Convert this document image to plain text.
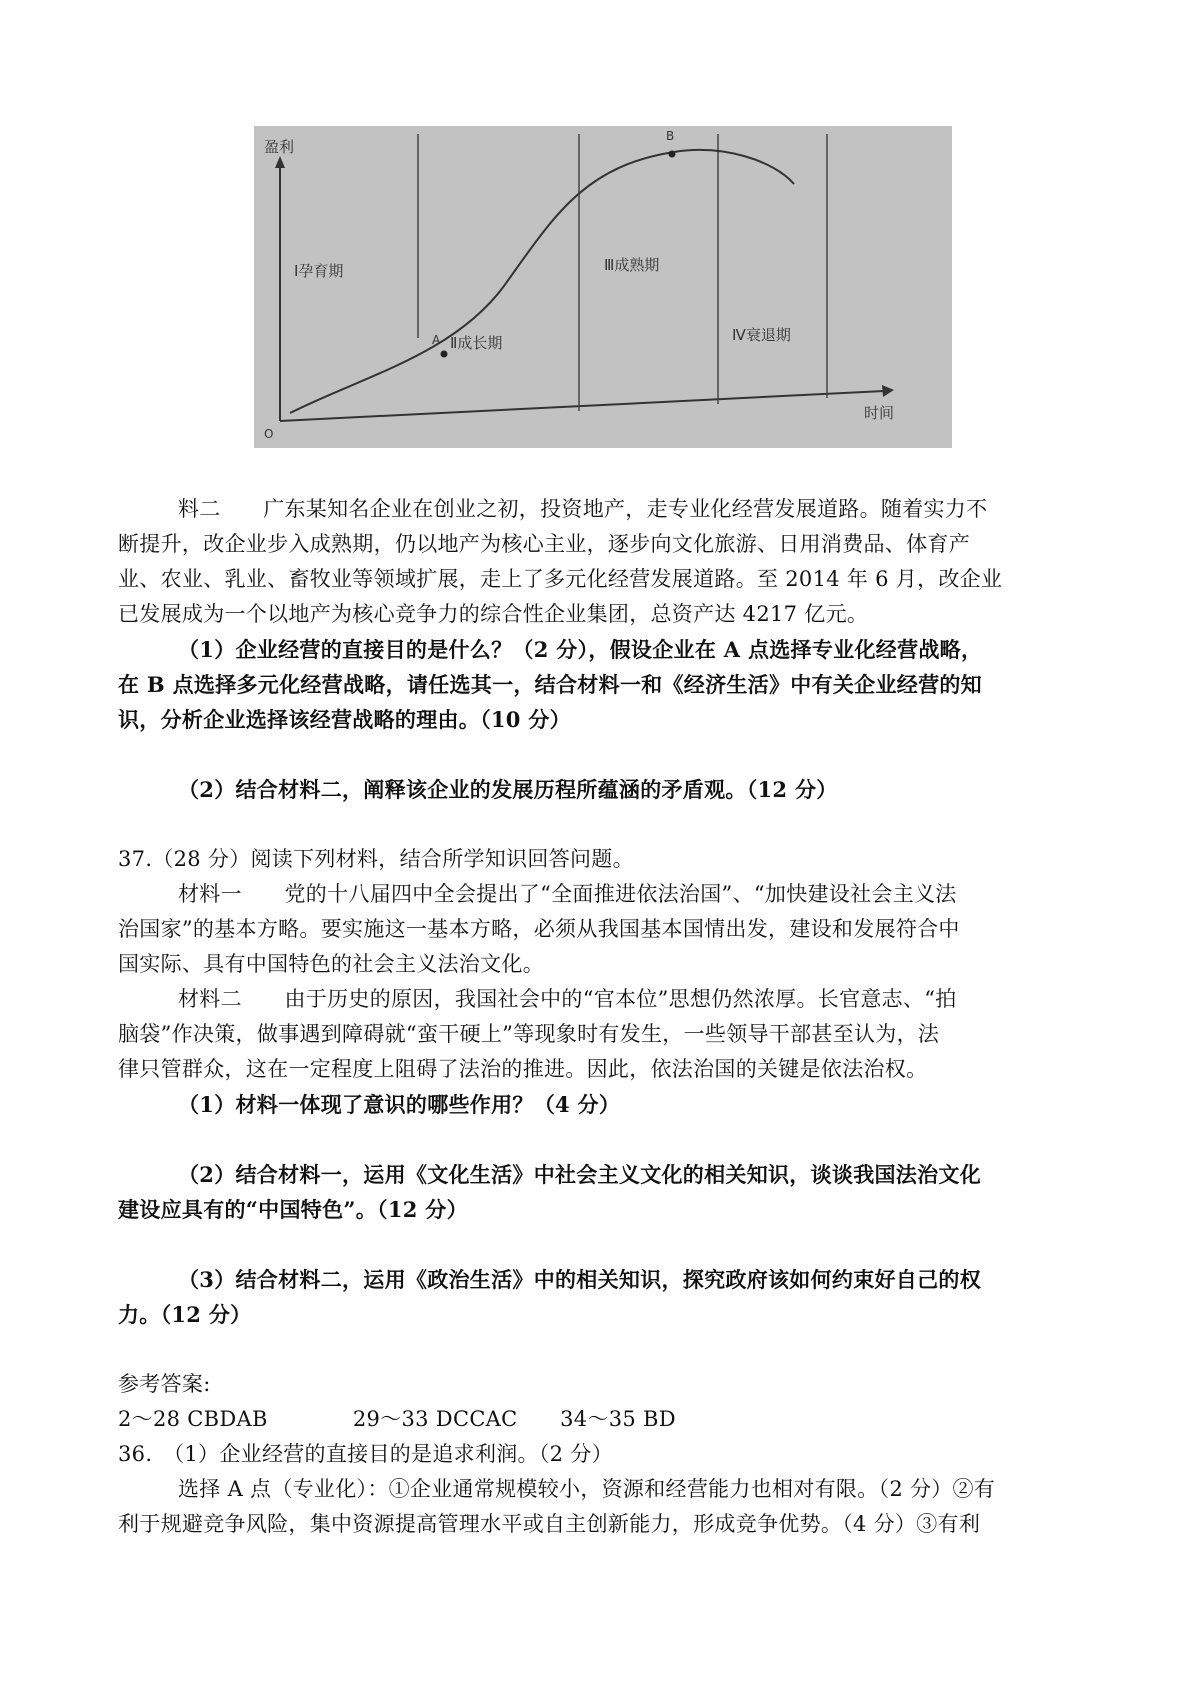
盈利
时间
O
Ⅰ孕育期
Ⅱ成长期
Ⅲ成熟期
Ⅳ衰退期
A
B
料二　　广东某知名企业在创业之初，投资地产，走专业化经营发展道路。随着实力不
断提升，改企业步入成熟期，仍以地产为核心主业，逐步向文化旅游、日用消费品、体育产
业、农业、乳业、畜牧业等领域扩展，走上了多元化经营发展道路。至 2014 年 6 月，改企业
已发展成为一个以地产为核心竞争力的综合性企业集团，总资产达 4217 亿元。
（1）企业经营的直接目的是什么？（2 分），假设企业在 A 点选择专业化经营战略，
在 B 点选择多元化经营战略，请任选其一，结合材料一和《经济生活》中有关企业经营的知
识，分析企业选择该经营战略的理由。（10 分）
（2）结合材料二，阐释该企业的发展历程所蕴涵的矛盾观。（12 分）
37.（28 分）阅读下列材料，结合所学知识回答问题。
材料一　　党的十八届四中全会提出了“全面推进依法治国”、“加快建设社会主义法
治国家”的基本方略。要实施这一基本方略，必须从我国基本国情出发，建设和发展符合中
国实际、具有中国特色的社会主义法治文化。
材料二　　由于历史的原因，我国社会中的“官本位”思想仍然浓厚。长官意志、“拍
脑袋”作决策，做事遇到障碍就“蛮干硬上”等现象时有发生，一些领导干部甚至认为，法
律只管群众，这在一定程度上阻碍了法治的推进。因此，依法治国的关键是依法治权。
（1）材料一体现了意识的哪些作用？（4 分）
（2）结合材料一，运用《文化生活》中社会主义文化的相关知识，谈谈我国法治文化
建设应具有的“中国特色”。（12 分）
（3）结合材料二，运用《政治生活》中的相关知识，探究政府该如何约束好自己的权
力。（12 分）
参考答案:
2～28 CBDAB　　　　29～33 DCCAC　　34～35 BD
36.　（1）企业经营的直接目的是追求利润。（2 分）
选择 A 点（专业化）：①企业通常规模较小，资源和经营能力也相对有限。（2 分）②有
利于规避竞争风险，集中资源提高管理水平或自主创新能力，形成竞争优势。（4 分）③有利
